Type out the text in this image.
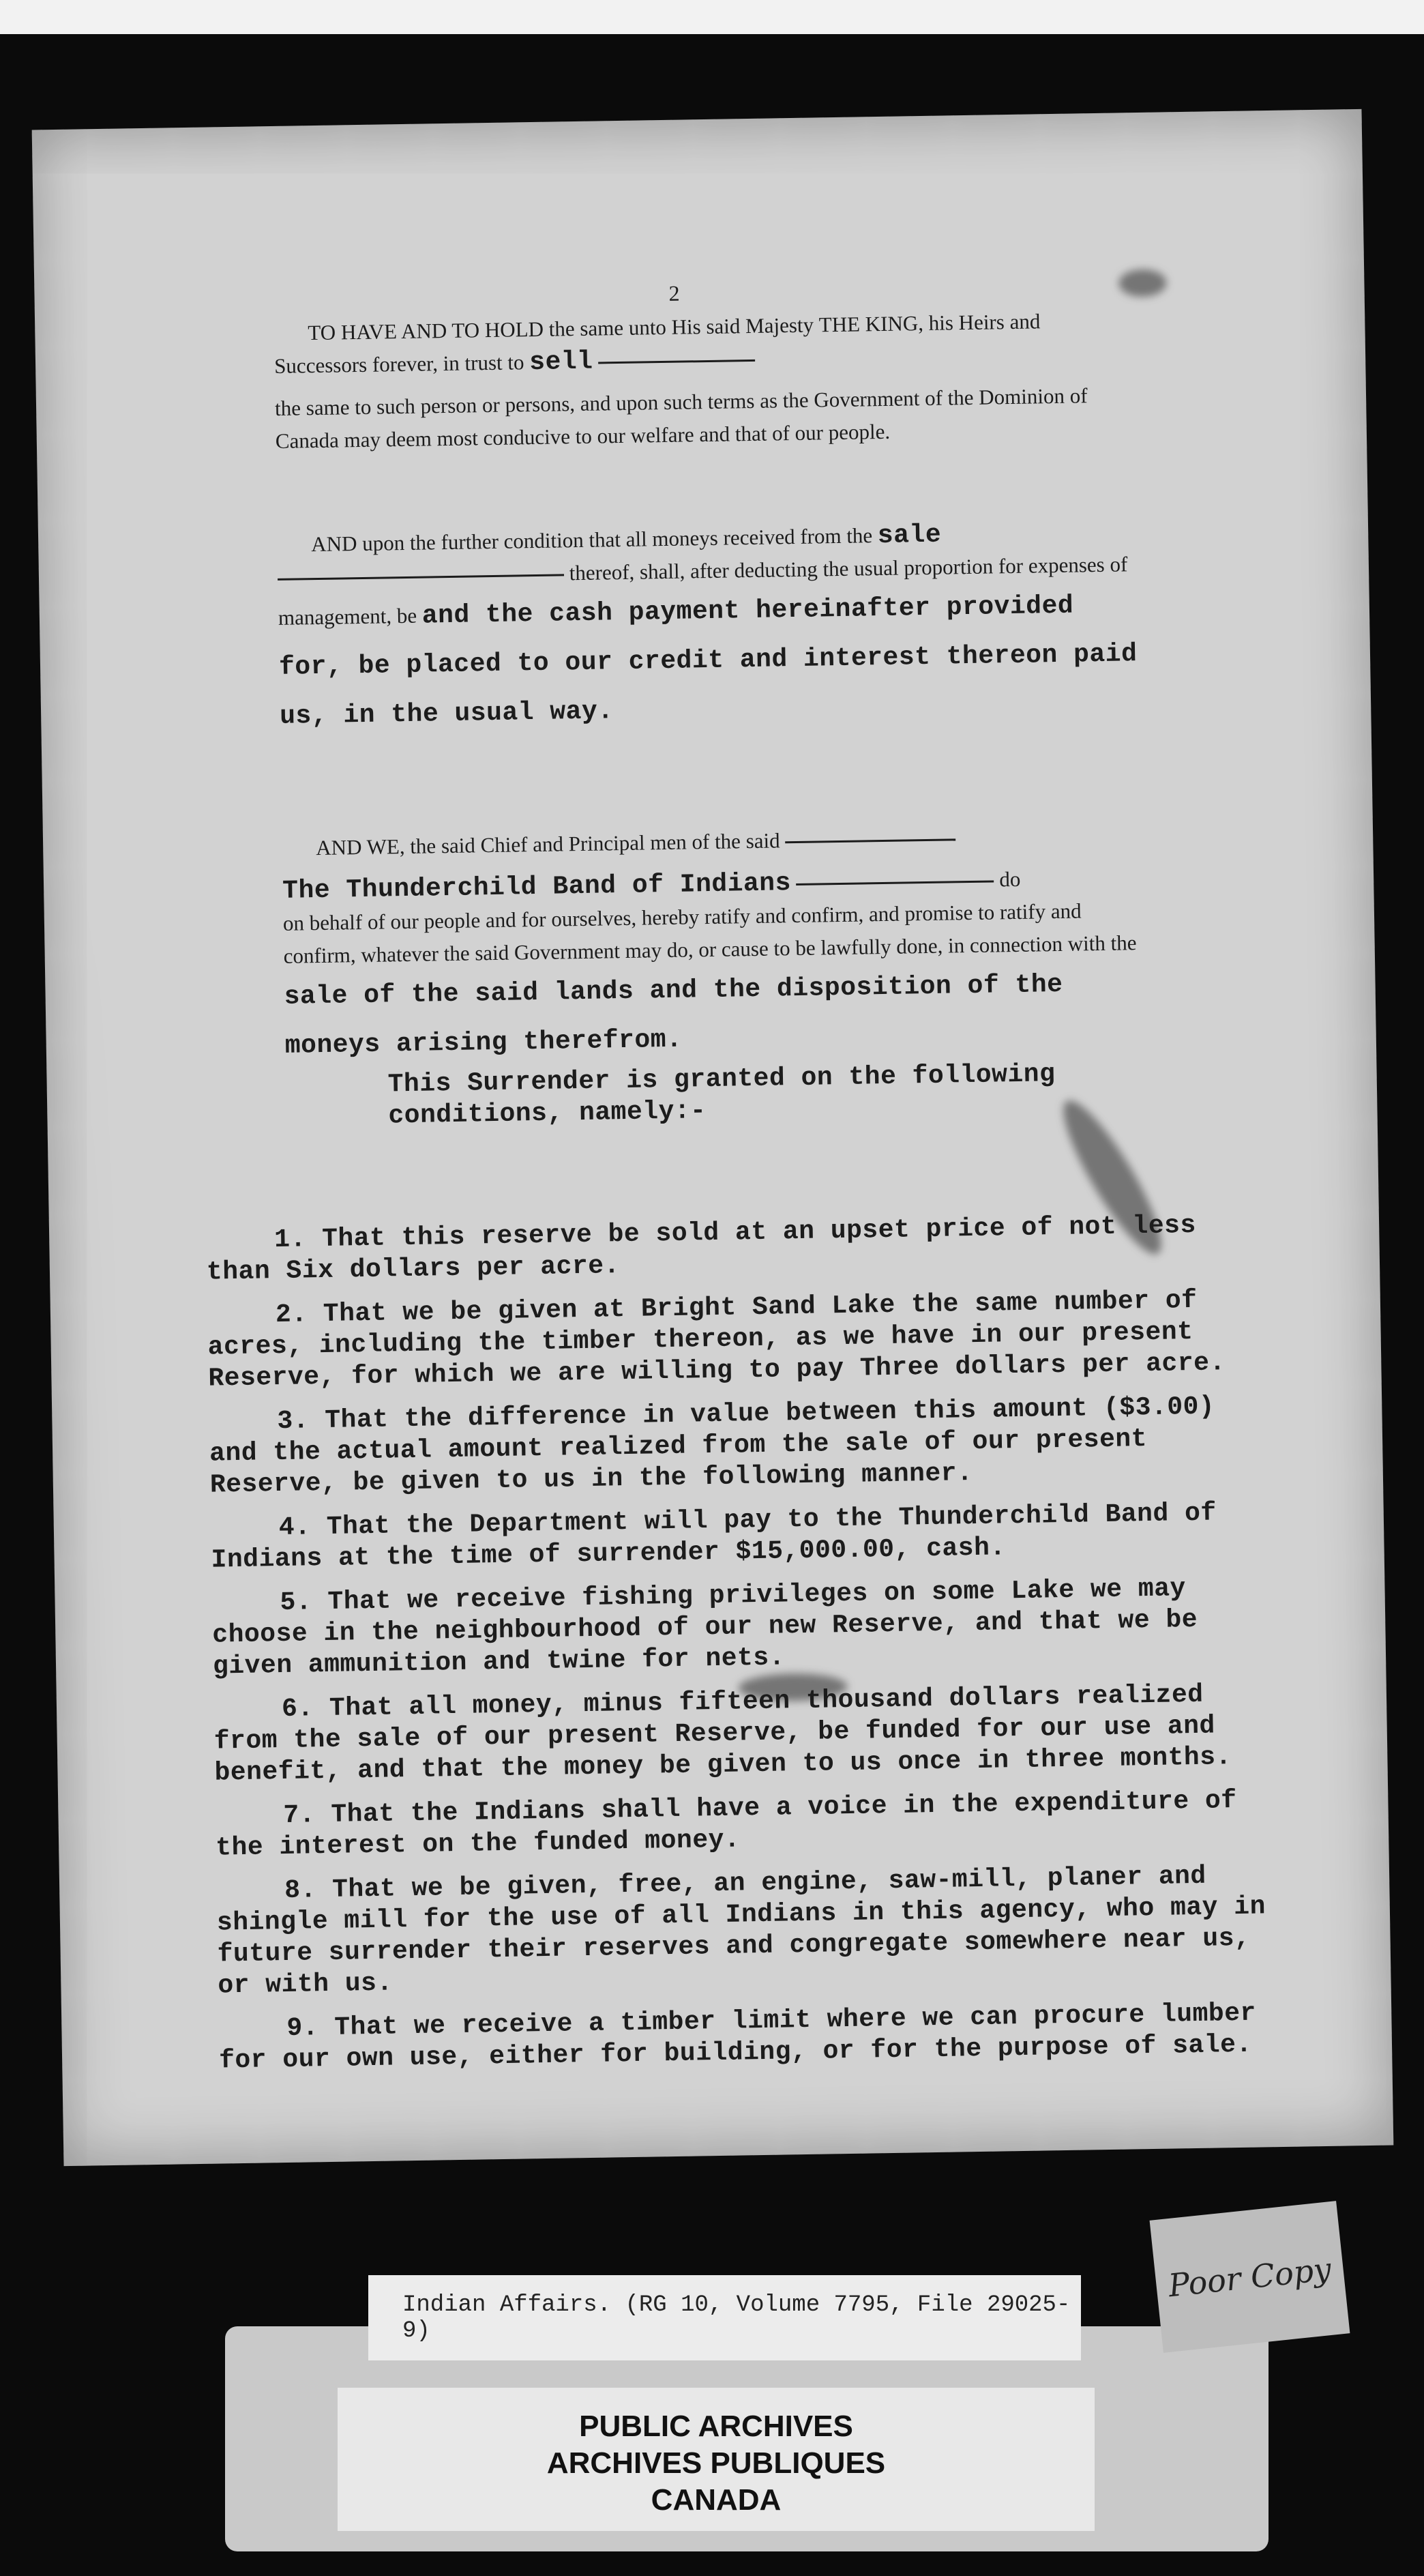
2
TO HAVE AND TO HOLD the same unto His said Majesty THE KING, his Heirs and Successors forever, in trust to sell
the same to such person or persons, and upon such terms as the Government of the Dominion of Canada may deem most conducive to our welfare and that of our people.
AND upon the further condition that all moneys received from the sale  thereof, shall, after deducting the usual proportion for expenses of management, be and the cash payment hereinafter provided for, be placed to our credit and interest thereon paid us, in the usual way.
AND WE, the said Chief and Principal men of the said
The Thunderchild Band of Indians	do
on behalf of our people and for ourselves, hereby ratify and confirm, and promise to ratify and confirm, whatever the said Government may do, or cause to be lawfully done, in connection with the sale of the said lands and the disposition of the moneys arising therefrom.
This Surrender is granted on the following conditions, namely:-
1. That this reserve be sold at an upset price of not less than Six dollars per acre.
2. That we be given at Bright Sand Lake the same number of acres, including the timber thereon, as we have in our present Reserve, for which we are willing to pay Three dollars per acre.
3. That the difference in value between this amount ($3.00) and the actual amount realized from the sale of our present Reserve, be given to us in the following manner.
4. That the Department will pay to the Thunderchild Band of Indians at the time of surrender $15,000.00, cash.
5. That we receive fishing privileges on some Lake we may choose in the neighbourhood of our new Reserve, and that we be given ammunition and twine for nets.
6. That all money, minus fifteen thousand dollars realized from the sale of our present Reserve, be funded for our use and benefit, and that the money be given to us once in three months.
7. That the Indians shall have a voice in the expenditure of the interest on the funded money.
8. That we be given, free, an engine, saw-mill, planer and shingle mill for the use of all Indians in this agency, who may in future surrender their reserves and congregate somewhere near us, or with us.
9. That we receive a timber limit where we can procure lumber for our own use, either for building, or for the purpose of sale.
Poor Copy
Indian Affairs. (RG 10, Volume 7795, File 29025-9)
PUBLIC ARCHIVES
ARCHIVES PUBLIQUES
CANADA
